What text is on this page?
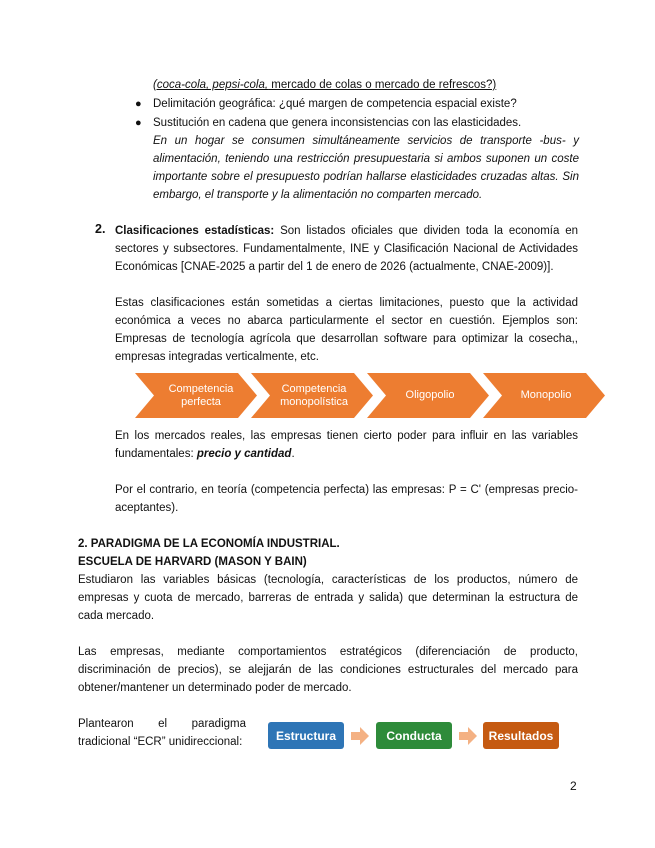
(coca-cola, pepsi-cola, mercado de colas o mercado de refrescos?)
● Delimitación geográfica: ¿qué margen de competencia espacial existe?
● Sustitución en cadena que genera inconsistencias con las elasticidades.
En un hogar se consumen simultáneamente servicios de transporte -bus- y alimentación, teniendo una restricción presupuestaria si ambos suponen un coste importante sobre el presupuesto podrían hallarse elasticidades cruzadas altas. Sin embargo, el transporte y la alimentación no comparten mercado.
2. Clasificaciones estadísticas: Son listados oficiales que dividen toda la economía en sectores y subsectores. Fundamentalmente, INE y Clasificación Nacional de Actividades Económicas [CNAE-2025 a partir del 1 de enero de 2026 (actualmente, CNAE-2009)].
Estas clasificaciones están sometidas a ciertas limitaciones, puesto que la actividad económica a veces no abarca particularmente el sector en cuestión. Ejemplos son: Empresas de tecnología agrícola que desarrollan software para optimizar la cosecha,, empresas integradas verticalmente, etc.
Competencia perfecta
Competencia monopolística
Oligopolio	Monopolio
En los mercados reales, las empresas tienen cierto poder para influir en las variables fundamentales: precio y cantidad.
Por el contrario, en teoría (competencia perfecta) las empresas: P = C' (empresas precio-aceptantes).
2. PARADIGMA DE LA ECONOMÍA INDUSTRIAL.
ESCUELA DE HARVARD (MASON Y BAIN)
Estudiaron las variables básicas (tecnología, características de los productos, número de empresas y cuota de mercado, barreras de entrada y salida) que determinan la estructura de cada mercado.
Las empresas, mediante comportamientos estratégicos (diferenciación de producto, discriminación de precios), se alejjarán de las condiciones estructurales del mercado para obtener/mantener un determinado poder de mercado.
Plantearon el paradigma
tradicional “ECR” unidireccional:	Estructura	Conducta	Resultados
2
